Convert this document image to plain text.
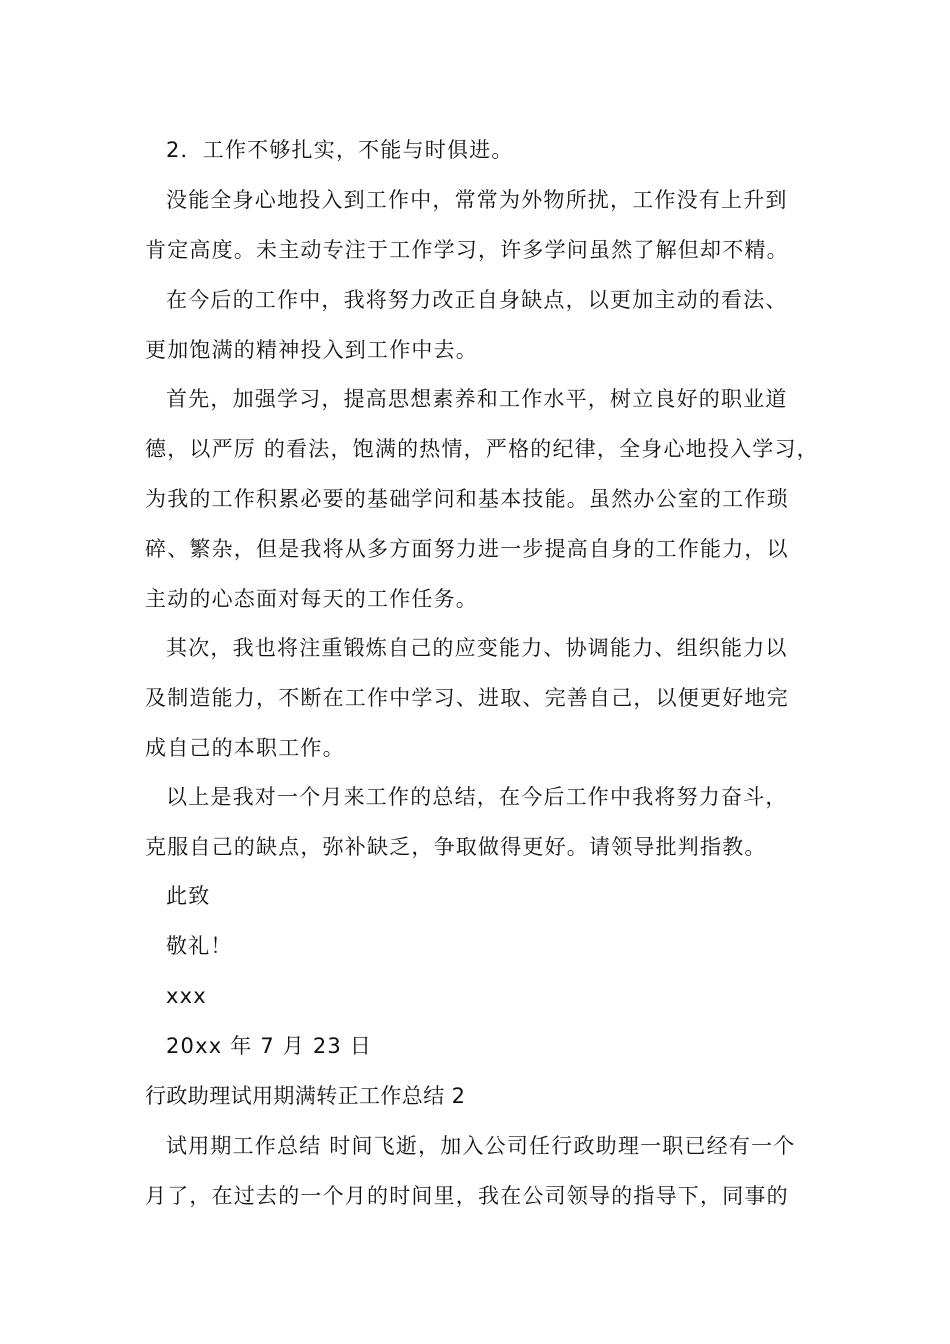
2．工作不够扎实，不能与时俱进。
没能全身心地投入到工作中，常常为外物所扰，工作没有上升到
肯定高度。未主动专注于工作学习，许多学问虽然了解但却不精。
在今后的工作中，我将努力改正自身缺点，以更加主动的看法、
更加饱满的精神投入到工作中去。
首先，加强学习，提高思想素养和工作水平，树立良好的职业道
德，以严厉 的看法，饱满的热情，严格的纪律，全身心地投入学习，
为我的工作积累必要的基础学问和基本技能。虽然办公室的工作琐
碎、繁杂，但是我将从多方面努力进一步提高自身的工作能力，以
主动的心态面对每天的工作任务。
其次，我也将注重锻炼自己的应变能力、协调能力、组织能力以
及制造能力，不断在工作中学习、进取、完善自己，以便更好地完
成自己的本职工作。
以上是我对一个月来工作的总结，在今后工作中我将努力奋斗，
克服自己的缺点，弥补缺乏，争取做得更好。请领导批判指教。
此致
敬礼！
xxx
20xx 年 7 月 23 日
行政助理试用期满转正工作总结 2
试用期工作总结 时间飞逝，加入公司任行政助理一职已经有一个
月了，在过去的一个月的时间里，我在公司领导的指导下，同事的
